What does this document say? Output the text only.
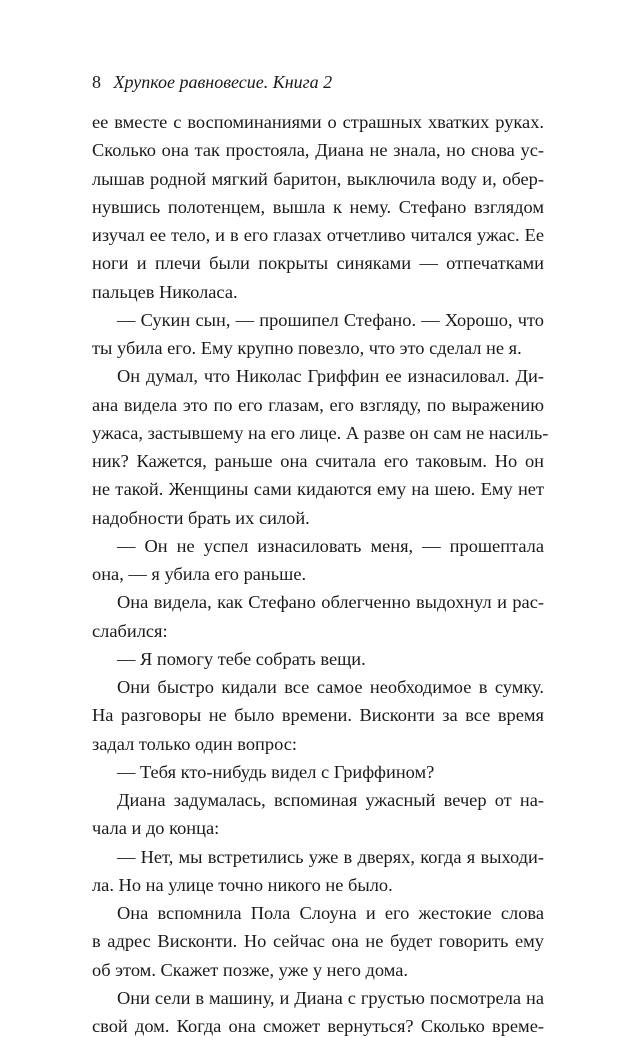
8 Хрупкое равновесие. Книга 2
ее вместе с воспоминаниями о страшных хватких руках.
Сколько она так простояла, Диана не знала, но снова ус-
лышав родной мягкий баритон, выключила воду и, обер-
нувшись полотенцем, вышла к нему. Стефано взглядом
изучал ее тело, и в его глазах отчетливо читался ужас. Ее
ноги и плечи были покрыты синяками — отпечатками
пальцев Николаса.
— Сукин сын, — прошипел Стефано. — Хорошо, что
ты убила его. Ему крупно повезло, что это сделал не я.
Он думал, что Николас Гриффин ее изнасиловал. Ди-
ана видела это по его глазам, его взгляду, по выражению
ужаса, застывшему на его лице. А разве он сам не насиль-
ник? Кажется, раньше она считала его таковым. Но он
не такой. Женщины сами кидаются ему на шею. Ему нет
надобности брать их силой.
— Он не успел изнасиловать меня, — прошептала
она, — я убила его раньше.
Она видела, как Стефано облегченно выдохнул и рас-
слабился:
— Я помогу тебе собрать вещи.
Они быстро кидали все самое необходимое в сумку.
На разговоры не было времени. Висконти за все время
задал только один вопрос:
— Тебя кто-нибудь видел с Гриффином?
Диана задумалась, вспоминая ужасный вечер от на-
чала и до конца:
— Нет, мы встретились уже в дверях, когда я выходи-
ла. Но на улице точно никого не было.
Она вспомнила Пола Слоуна и его жестокие слова
в адрес Висконти. Но сейчас она не будет говорить ему
об этом. Скажет позже, уже у него дома.
Они сели в машину, и Диана с грустью посмотрела на
свой дом. Когда она сможет вернуться? Сколько време-
